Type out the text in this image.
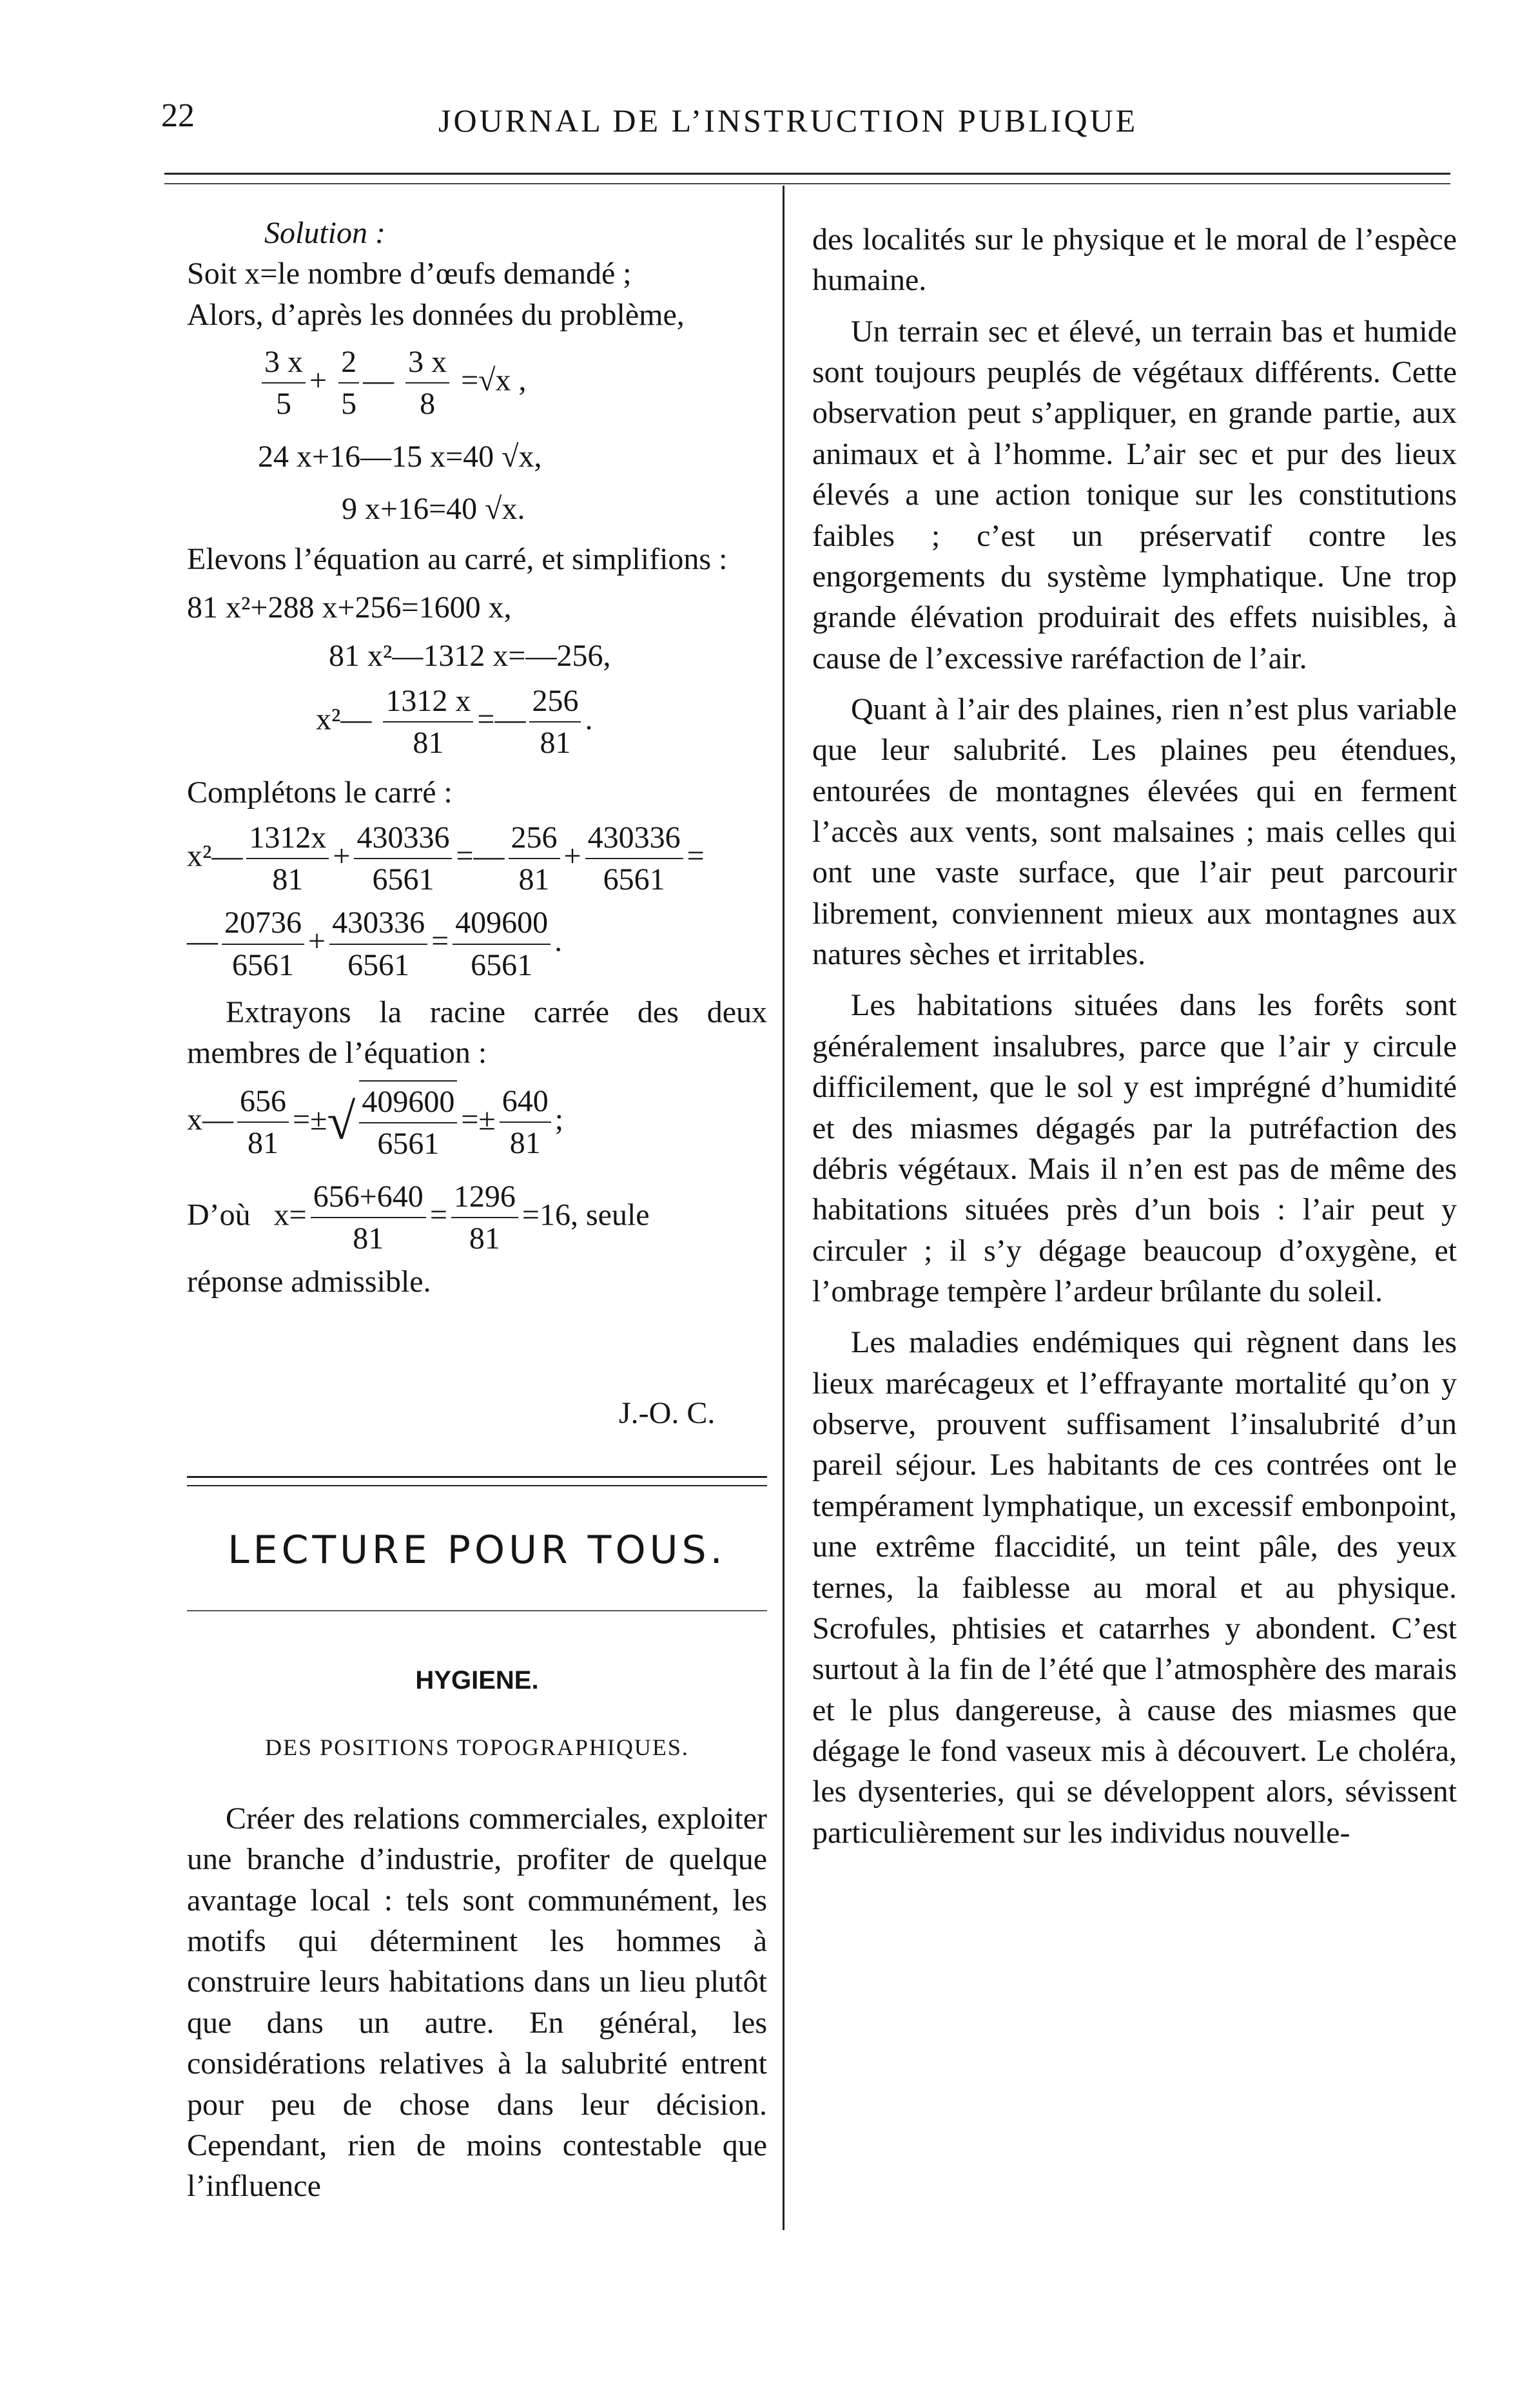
22	JOURNAL DE L’INSTRUCTION PUBLIQUE

Solution :

Soit x=le nombre d’œufs demandé ;

Alors, d’après les données du problème,

$\frac{3 x}{5} + \frac{2}{5}$ — $\frac{3 x}{8} =√x$ ,

24 x+16—15 x=40 √x,

9 x+16=40 √x.

Elevons l’équation au carré, et simplifions :

81 x²+288 x+256=1600 x,

81 x²—1312 x=—256,

x²— $\frac{1312 x}{81}$ =— $\frac{256}{81}$ .

Complétons le carré :

x²— $\frac{1312x}{81} + \frac{430336}{6561}$ =— $\frac{256}{81} + \frac{430336}{6561}$ =
— $\frac{20736}{6561} + \frac{430336}{6561} = \frac{409600}{6561}$ .

Extrayons la racine carrée des deux membres de l’équation :

x— $\frac{656}{81}$ =±√ $\frac{409600}{6561} =\pm \frac{640}{81}$ ;
D’où $x= \frac{656+640}{81} = \frac{1296}{81} =16$, seule

réponse admissible.

J.-O. C.
LECTURE POUR TOUS.
HYGIENE.
DES POSITIONS TOPOGRAPHIQUES.

Créer des relations commerciales, exploiter une branche d’industrie, profiter de quelque avantage local : tels sont communément, les motifs qui déterminent les hommes à construire leurs habitations dans un lieu plutôt que dans un autre. En général, les considérations relatives à la salubrité entrent pour peu de chose dans leur décision. Cependant, rien de moins contestable que l’influence

des localités sur le physique et le moral de l’espèce humaine.

Un terrain sec et élevé, un terrain bas et humide sont toujours peuplés de végétaux différents. Cette observation peut s’appliquer, en grande partie, aux animaux et à l’homme. L’air sec et pur des lieux élevés a une action tonique sur les constitutions faibles ; c’est un préservatif contre les engorgements du système lymphatique. Une trop grande élévation produirait des effets nuisibles, à cause de l’excessive raréfaction de l’air.

Quant à l’air des plaines, rien n’est plus variable que leur salubrité. Les plaines peu étendues, entourées de montagnes élevées qui en ferment l’accès aux vents, sont malsaines ; mais celles qui ont une vaste surface, que l’air peut parcourir librement, conviennent mieux aux montagnes aux natures sèches et irritables.

Les habitations situées dans les forêts sont généralement insalubres, parce que l’air y circule difficilement, que le sol y est imprégné d’humidité et des miasmes dégagés par la putréfaction des débris végétaux. Mais il n’en est pas de même des habitations situées près d’un bois : l’air peut y circuler ; il s’y dégage beaucoup d’oxygène, et l’ombrage tempère l’ardeur brûlante du soleil.

Les maladies endémiques qui règnent dans les lieux marécageux et l’effrayante mortalité qu’on y observe, prouvent suffisament l’insalubrité d’un pareil séjour. Les habitants de ces contrées ont le tempérament lymphatique, un excessif embonpoint, une extrême flaccidité, un teint pâle, des yeux ternes, la faiblesse au moral et au physique. Scrofules, phtisies et catarrhes y abondent. C’est surtout à la fin de l’été que l’atmosphère des marais et le plus dangereuse, à cause des miasmes que dégage le fond vaseux mis à découvert. Le choléra, les dysenteries, qui se développent alors, sévissent particulièrement sur les individus nouvelle-
